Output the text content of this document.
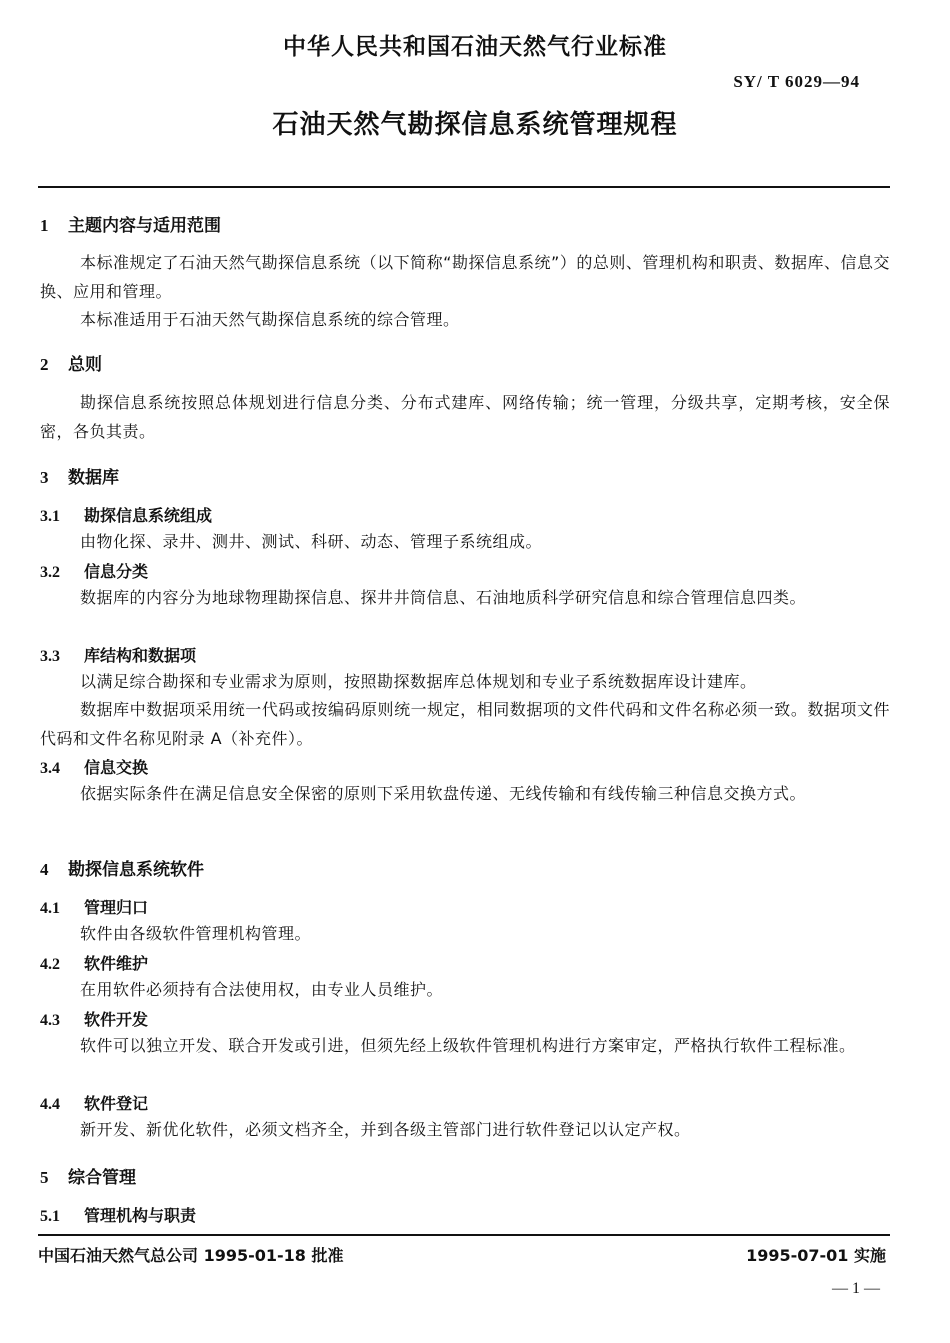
中华人民共和国石油天然气行业标准
SY/ T 6029—94
石油天然气勘探信息系统管理规程
1 主题内容与适用范围
本标准规定了石油天然气勘探信息系统（以下简称“勘探信息系统”）的总则、管理机构和职责、数据库、信息交换、应用和管理。
本标准适用于石油天然气勘探信息系统的综合管理。
2 总则
勘探信息系统按照总体规划进行信息分类、分布式建库、网络传输；统一管理，分级共享，定期考核，安全保密，各负其责。
3 数据库
3.1 勘探信息系统组成
由物化探、录井、测井、测试、科研、动态、管理子系统组成。
3.2 信息分类
数据库的内容分为地球物理勘探信息、探井井筒信息、石油地质科学研究信息和综合管理信息四类。
3.3 库结构和数据项
以满足综合勘探和专业需求为原则，按照勘探数据库总体规划和专业子系统数据库设计建库。
数据库中数据项采用统一代码或按编码原则统一规定，相同数据项的文件代码和文件名称必须一致。数据项文件代码和文件名称见附录 A（补充件）。
3.4 信息交换
依据实际条件在满足信息安全保密的原则下采用软盘传递、无线传输和有线传输三种信息交换方式。
4 勘探信息系统软件
4.1 管理归口
软件由各级软件管理机构管理。
4.2 软件维护
在用软件必须持有合法使用权，由专业人员维护。
4.3 软件开发
软件可以独立开发、联合开发或引进，但须先经上级软件管理机构进行方案审定，严格执行软件工程标准。
4.4 软件登记
新开发、新优化软件，必须文档齐全，并到各级主管部门进行软件登记以认定产权。
5 综合管理
5.1 管理机构与职责
中国石油天然气总公司 1995-01-18 批准	1995-07-01 实施
— 1 —
